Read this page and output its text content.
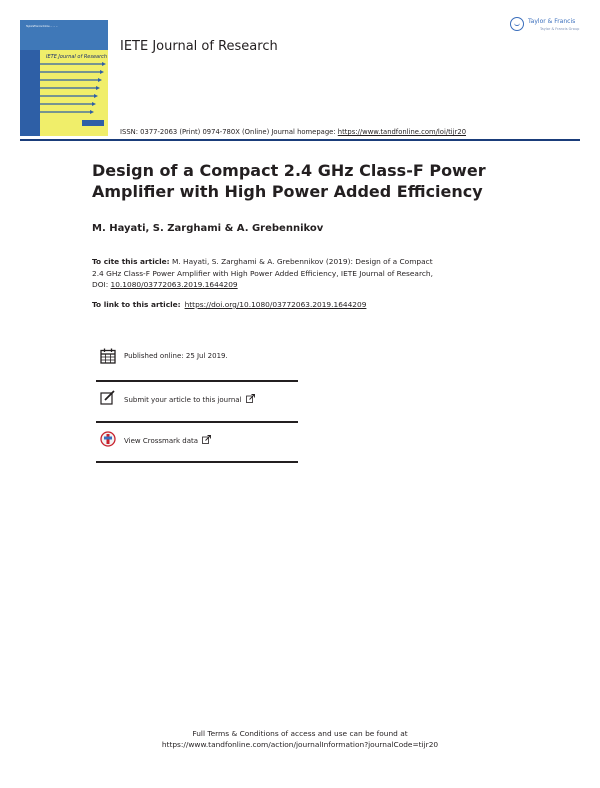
Taylor&Francis Online ... ... ...
IETE Journal of Research
IETE Journal of Research
Taylor & Francis
Taylor & Francis Group
ISSN: 0377-2063 (Print) 0974-780X (Online) Journal homepage: https://www.tandfonline.com/loi/tijr20
Design of a Compact 2.4 GHz Class-F Power Amplifier with High Power Added Efficiency
M. Hayati, S. Zarghami & A. Grebennikov
To cite this article: M. Hayati, S. Zarghami & A. Grebennikov (2019): Design of a Compact
2.4 GHz Class-F Power Amplifier with High Power Added Efficiency, IETE Journal of Research,
DOI: 10.1080/03772063.2019.1644209
To link to this article: https://doi.org/10.1080/03772063.2019.1644209
Published online: 25 Jul 2019.
Submit your article to this journal
View Crossmark data
Full Terms & Conditions of access and use can be found at
https://www.tandfonline.com/action/journalInformation?journalCode=tijr20
